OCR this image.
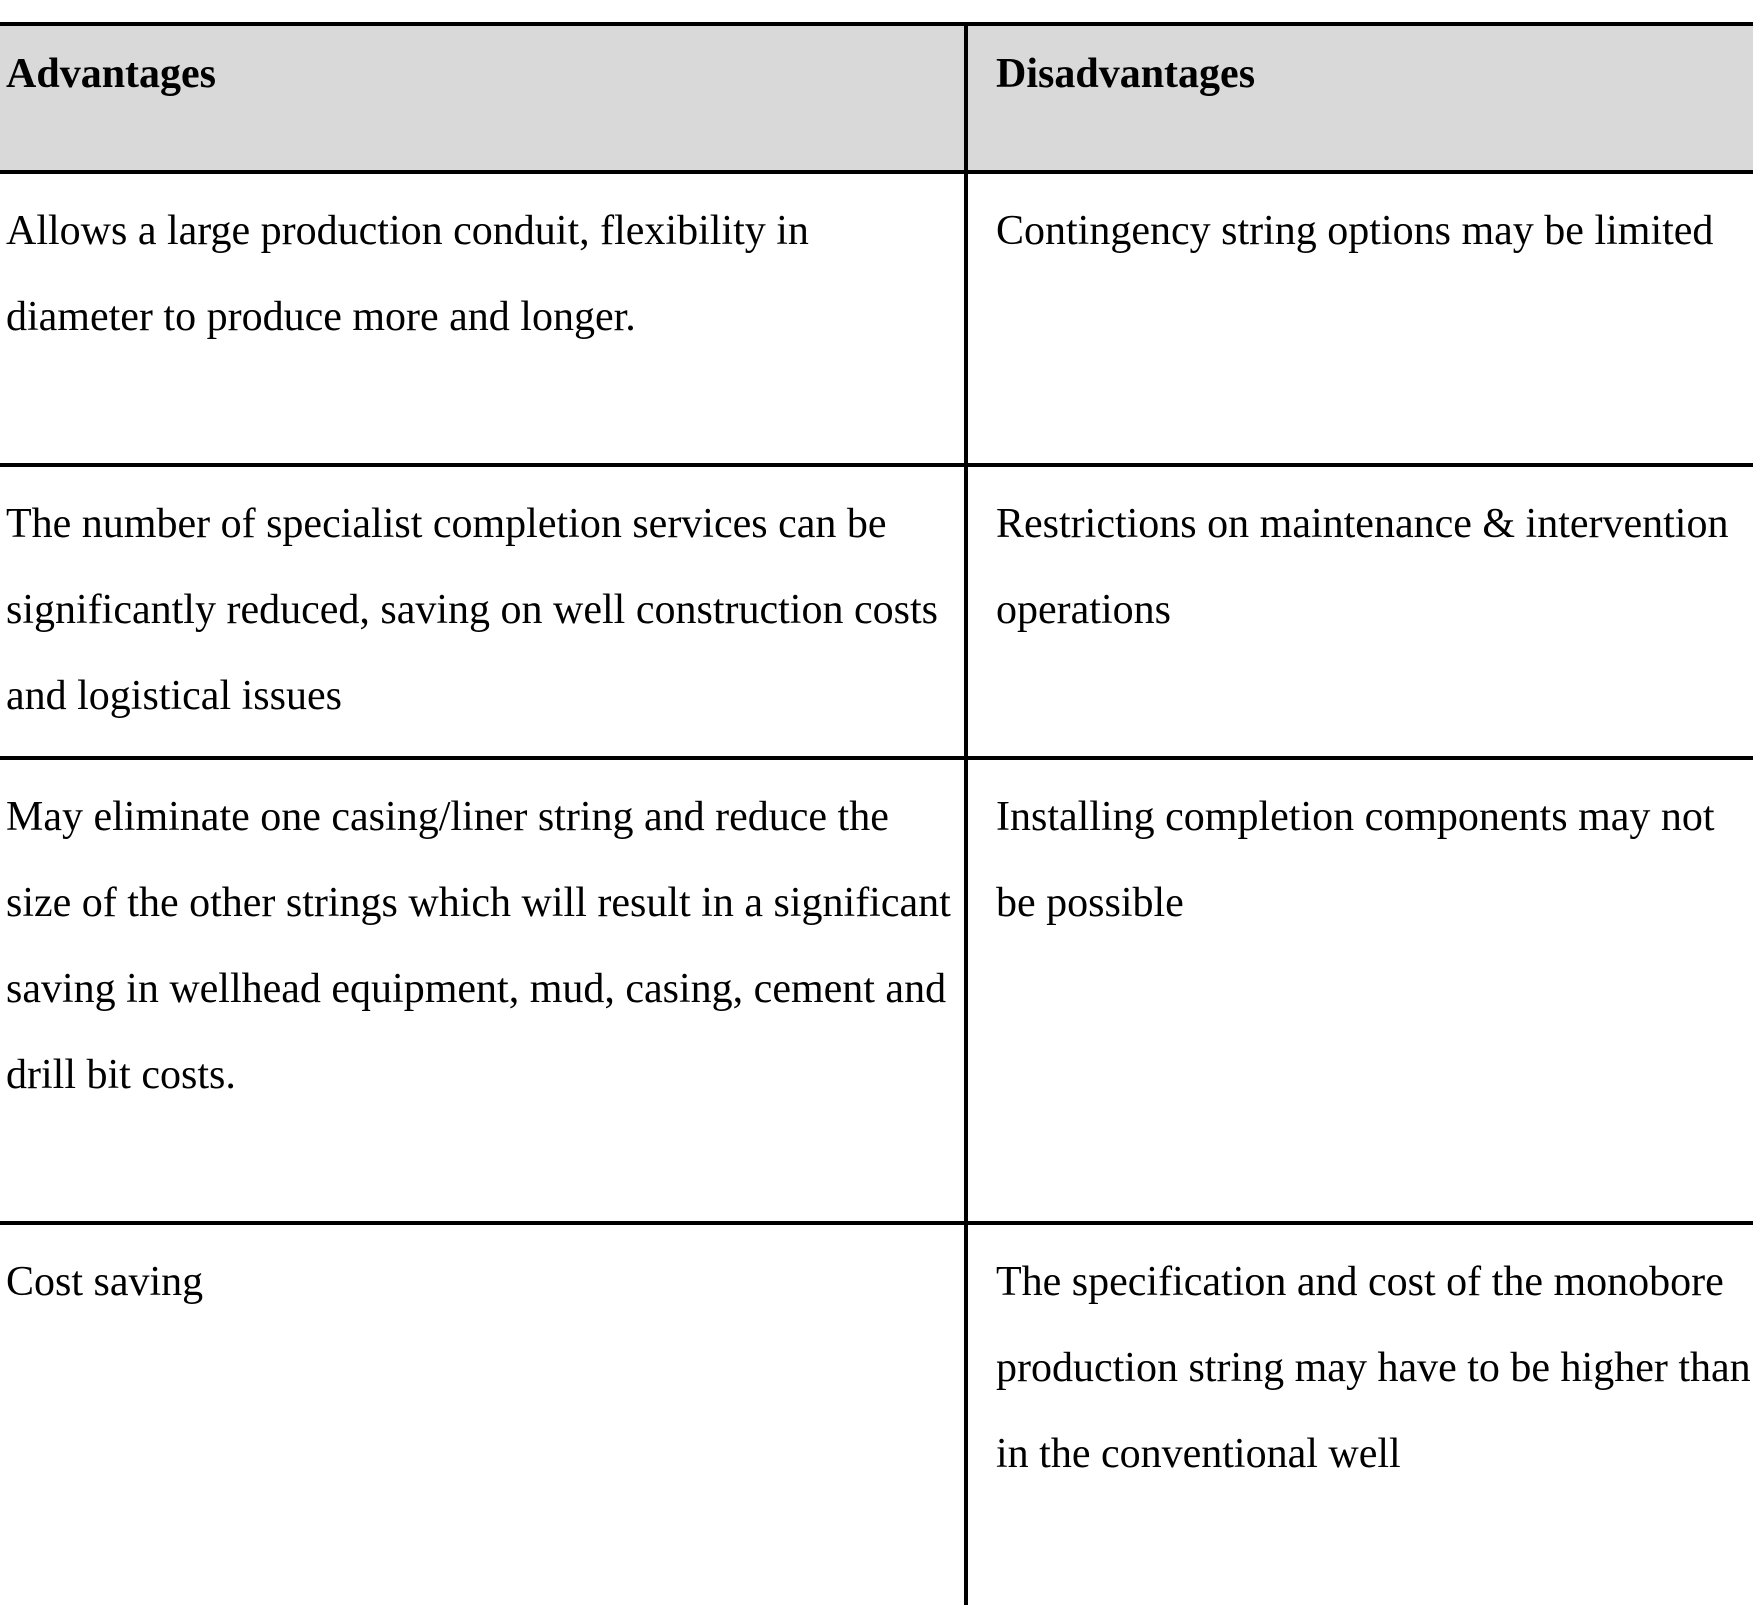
Advantages	Disadvantages
Allows a large production conduit, flexibility in diameter to produce more and longer.
Contingency string options may be limited
The number of specialist completion services can be significantly reduced, saving on well construction costs and logistical issues
Restrictions on maintenance & intervention operations
May eliminate one casing/liner string and reduce the size of the other strings which will result in a significant saving in wellhead equipment, mud, casing, cement and drill bit costs.
Installing completion components may not be possible
Cost saving	The specification and cost of the monobore production string may have to be higher than in the conventional well
